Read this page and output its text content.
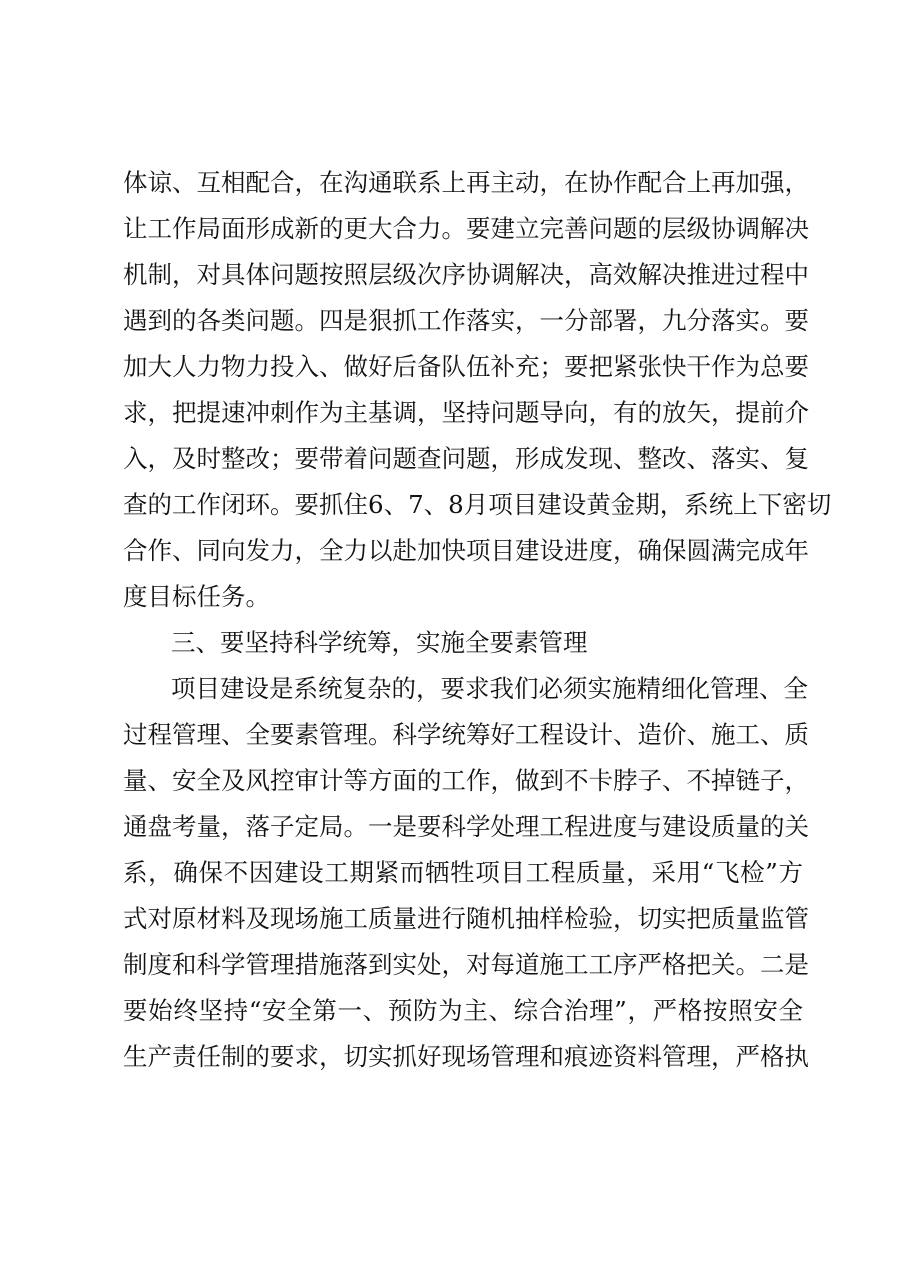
体谅、互相配合，在沟通联系上再主动，在协作配合上再加强，
让工作局面形成新的更大合力。要建立完善问题的层级协调解决
机制，对具体问题按照层级次序协调解决，高效解决推进过程中
遇到的各类问题。四是狠抓工作落实，一分部署，九分落实。要
加大人力物力投入、做好后备队伍补充；要把紧张快干作为总要
求，把提速冲刺作为主基调，坚持问题导向，有的放矢，提前介
入，及时整改；要带着问题查问题，形成发现、整改、落实、复
查的工作闭环。要抓住6、7、8月项目建设黄金期，系统上下密切
合作、同向发力，全力以赴加快项目建设进度，确保圆满完成年
度目标任务。
三、要坚持科学统筹，实施全要素管理
项目建设是系统复杂的，要求我们必须实施精细化管理、全
过程管理、全要素管理。科学统筹好工程设计、造价、施工、质
量、安全及风控审计等方面的工作，做到不卡脖子、不掉链子，
通盘考量，落子定局。一是要科学处理工程进度与建设质量的关
系，确保不因建设工期紧而牺牲项目工程质量，采用“飞检”方
式对原材料及现场施工质量进行随机抽样检验，切实把质量监管
制度和科学管理措施落到实处，对每道施工工序严格把关。二是
要始终坚持“安全第一、预防为主、综合治理”，严格按照安全
生产责任制的要求，切实抓好现场管理和痕迹资料管理，严格执
